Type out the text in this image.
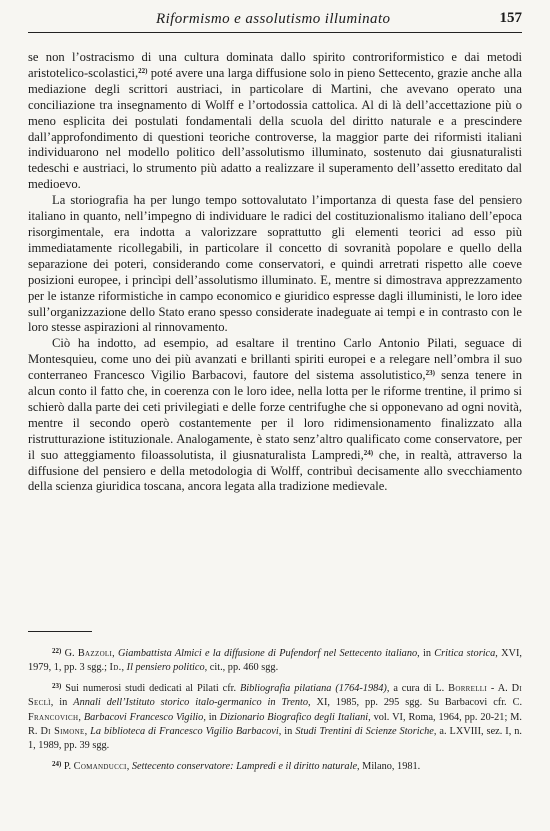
Riformismo e assolutismo illuminato	157

se non l’ostracismo di una cultura dominata dallo spirito controriformistico e dai metodi aristotelico-scolastici,$^{22)}$ poté avere una larga diffusione solo in pieno Settecento, grazie anche alla mediazione degli scrittori austriaci, in particolare di Martini, che avevano operato una conciliazione tra insegnamento di Wolff e l’ortodossia cattolica. Al di là dell’accettazione più o meno esplicita dei postulati fondamentali della scuola del diritto naturale e a prescindere dall’approfondimento di questioni teoriche controverse, la maggior parte dei riformisti italiani individuarono nel modello politico dell’assolutismo illuminato, sostenuto dai giusnaturalisti tedeschi e austriaci, lo strumento più adatto a realizzare il superamento dell’assetto ereditato dal medioevo.

La storiografia ha per lungo tempo sottovalutato l’importanza di questa fase del pensiero italiano in quanto, nell’impegno di individuare le radici del costituzionalismo italiano dell’epoca risorgimentale, era indotta a valorizzare soprattutto gli elementi teorici ad esso più immediatamente ricollegabili, in particolare il concetto di sovranità popolare e quello della separazione dei poteri, considerando come conservatori, e quindi arretrati rispetto alle coeve posizioni europee, i princìpi dell’assolutismo illuminato. E, mentre si dimostrava apprezzamento per le istanze riformistiche in campo economico e giuridico espresse dagli illuministi, le loro idee sull’organizzazione dello Stato erano spesso considerate inadeguate ai tempi e in contrasto con le loro stesse aspirazioni al rinnovamento.

Ciò ha indotto, ad esempio, ad esaltare il trentino Carlo Antonio Pilati, seguace di Montesquieu, come uno dei più avanzati e brillanti spiriti europei e a relegare nell’ombra il suo conterraneo Francesco Vigilio Barbacovi, fautore del sistema assolutistico,$^{23)}$ senza tenere in alcun conto il fatto che, in coerenza con le loro idee, nella lotta per le riforme trentine, il primo si schierò dalla parte dei ceti privilegiati e delle forze centrifughe che si opponevano ad ogni novità, mentre il secondo operò costantemente per il loro ridimensionamento finalizzato alla ristrutturazione istituzionale. Analogamente, è stato senz’altro qualificato come conservatore, per il suo atteggiamento filoassolutista, il giusnaturalista Lampredi,$^{24)}$ che, in realtà, attraverso la diffusione del pensiero e della metodologia di Wolff, contribuì decisamente allo svecchiamento della scienza giuridica toscana, ancora legata alla tradizione medievale.

$^{22)}$ G. Bazzoli, Giambattista Almici e la diffusione di Pufendorf nel Settecento italiano, in Critica storica, XVI, 1979, 1, pp. 3 sgg.; Id., Il pensiero politico, cit., pp. 460 sgg.

$^{23)}$ Sui numerosi studi dedicati al Pilati cfr. Bibliografia pilatiana (1764-1984), a cura di L. Borrelli - A. Di Seclì, in Annali dell’Istituto storico italo-germanico in Trento, XI, 1985, pp. 295 sgg. Su Barbacovi cfr. C. Francovich, Barbacovi Francesco Vigilio, in Dizionario Biografico degli Italiani, vol. VI, Roma, 1964, pp. 20-21; M. R. Di Simone, La biblioteca di Francesco Vigilio Barbacovi, in Studi Trentini di Scienze Storiche, a. LXVIII, sez. I, n. 1, 1989, pp. 39 sgg.

$^{24)}$ P. Comanducci, Settecento conservatore: Lampredi e il diritto naturale, Milano, 1981.
